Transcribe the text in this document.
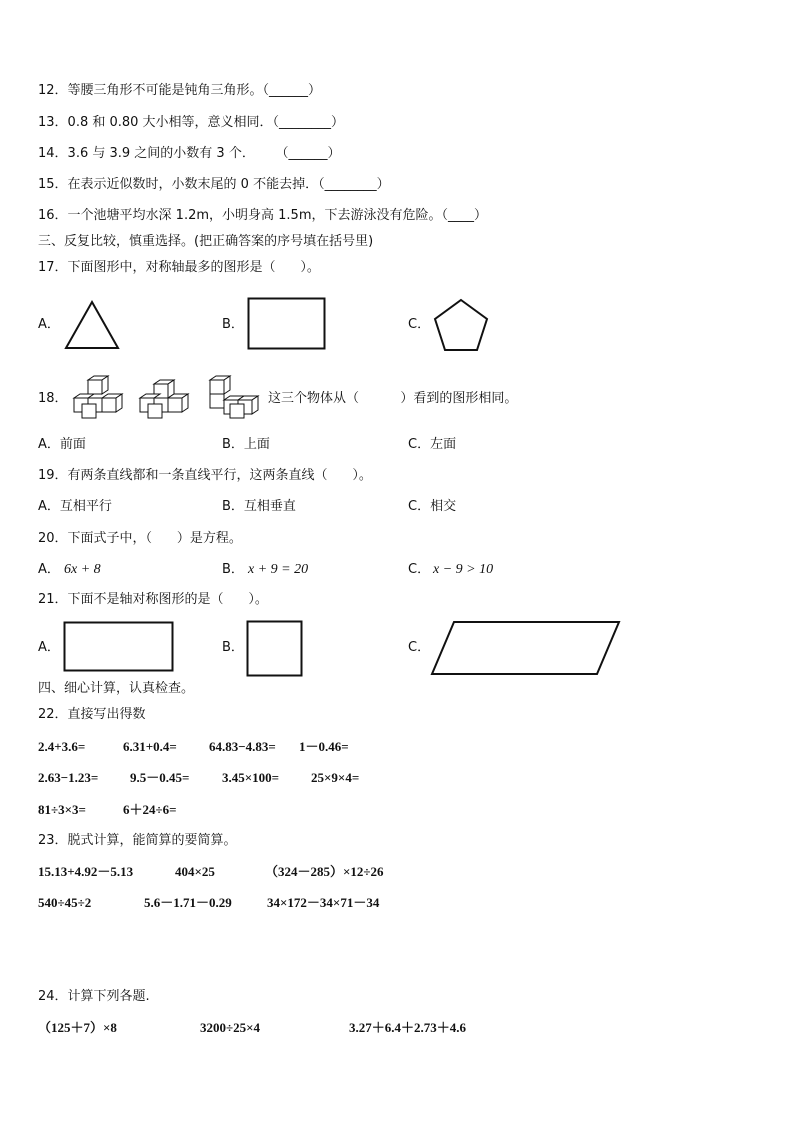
12．等腰三角形不可能是钝角三角形。（______）
13．0.8 和 0.80 大小相等，意义相同．（________）
14．3.6 与 3.9 之间的小数有 3 个．     （______）
15．在表示近似数时，小数末尾的 0 不能去掉．（________）
16．一个池塘平均水深 1.2m，小明身高 1.5m，下去游泳没有危险。（____）
三、反复比较，慎重选择。(把正确答案的序号填在括号里)
17．下面图形中，对称轴最多的图形是（      ）。
A．	B．	C．
18．	这三个物体从（          ）看到的图形相同。
A．前面	B．上面	C．左面
19．有两条直线都和一条直线平行，这两条直线（      ）。
A．互相平行	B．互相垂直	C．相交
20．下面式子中，（      ）是方程。
A． 6x + 8	B． x + 9 = 20	C． x − 9 > 10
21．下面不是轴对称图形的是（      ）。
A．	B．	C．
四、细心计算，认真检查。
22．直接写出得数
2.4+3.6=	6.31+0.4= 64.83−4.83= 1－0.46=
2.63−1.23= 9.5－0.45=	3.45×100= 25×9×4=
81÷3×3=	6＋24÷6=
23．脱式计算，能简算的要简算。
15.13+4.92－5.13	404×25	（324－285）×12÷26
540÷45÷2	5.6－1.71－0.29	34×172－34×71－34
24．计算下列各题.
（125＋7）×8	3200÷25×4	3.27＋6.4＋2.73＋4.6
